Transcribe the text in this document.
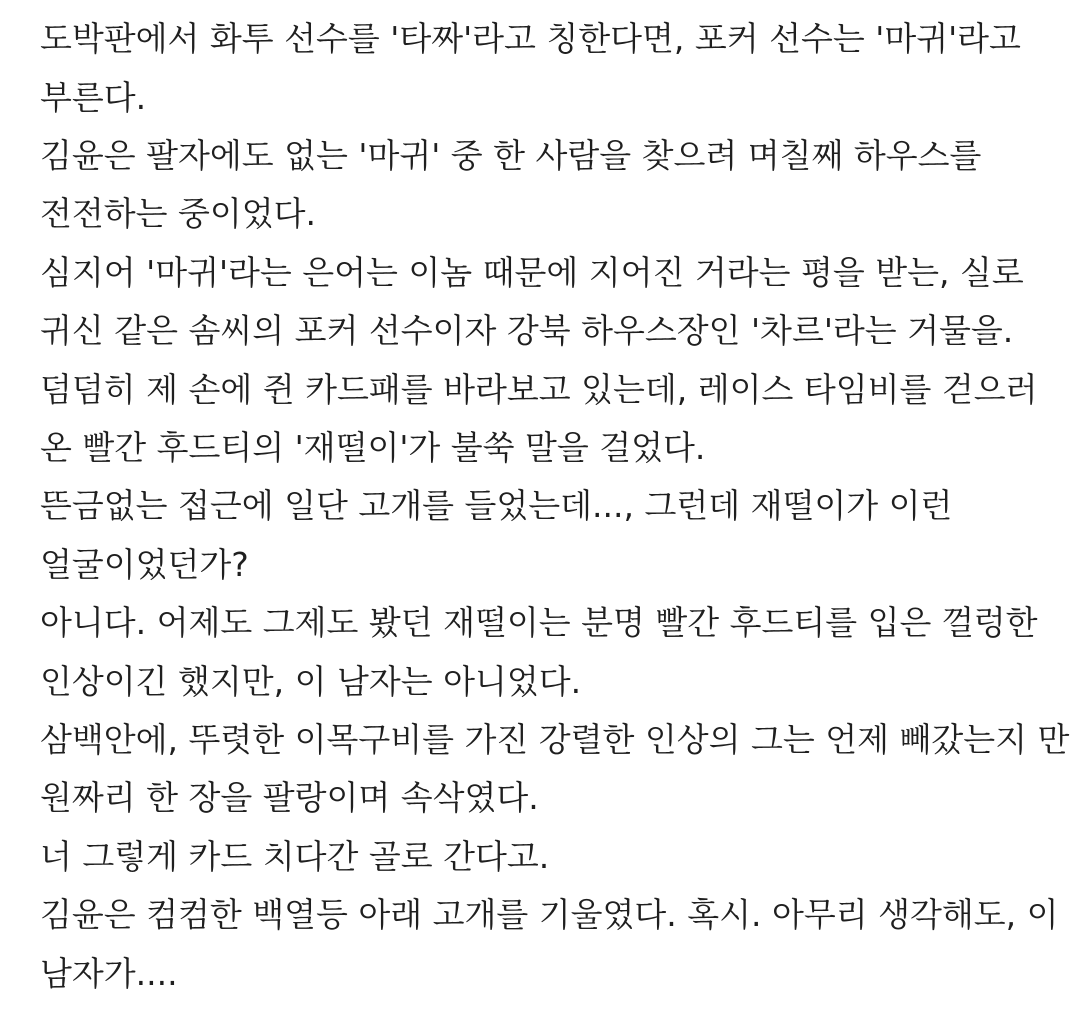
도박판에서 화투 선수를 '타짜'라고 칭한다면, 포커 선수는 '마귀'라고
부른다.
김윤은 팔자에도 없는 '마귀' 중 한 사람을 찾으려 며칠째 하우스를
전전하는 중이었다.
심지어 '마귀'라는 은어는 이놈 때문에 지어진 거라는 평을 받는, 실로
귀신 같은 솜씨의 포커 선수이자 강북 하우스장인 '차르'라는 거물을.
덤덤히 제 손에 쥔 카드패를 바라보고 있는데, 레이스 타임비를 걷으러
온 빨간 후드티의 '재떨이'가 불쑥 말을 걸었다.
뜬금없는 접근에 일단 고개를 들었는데..., 그런데 재떨이가 이런
얼굴이었던가?
아니다. 어제도 그제도 봤던 재떨이는 분명 빨간 후드티를 입은 껄렁한
인상이긴 했지만, 이 남자는 아니었다.
삼백안에, 뚜렷한 이목구비를 가진 강렬한 인상의 그는 언제 빼갔는지 만
원짜리 한 장을 팔랑이며 속삭였다.
너 그렇게 카드 치다간 골로 간다고.
김윤은 컴컴한 백열등 아래 고개를 기울였다. 혹시. 아무리 생각해도, 이
남자가....
